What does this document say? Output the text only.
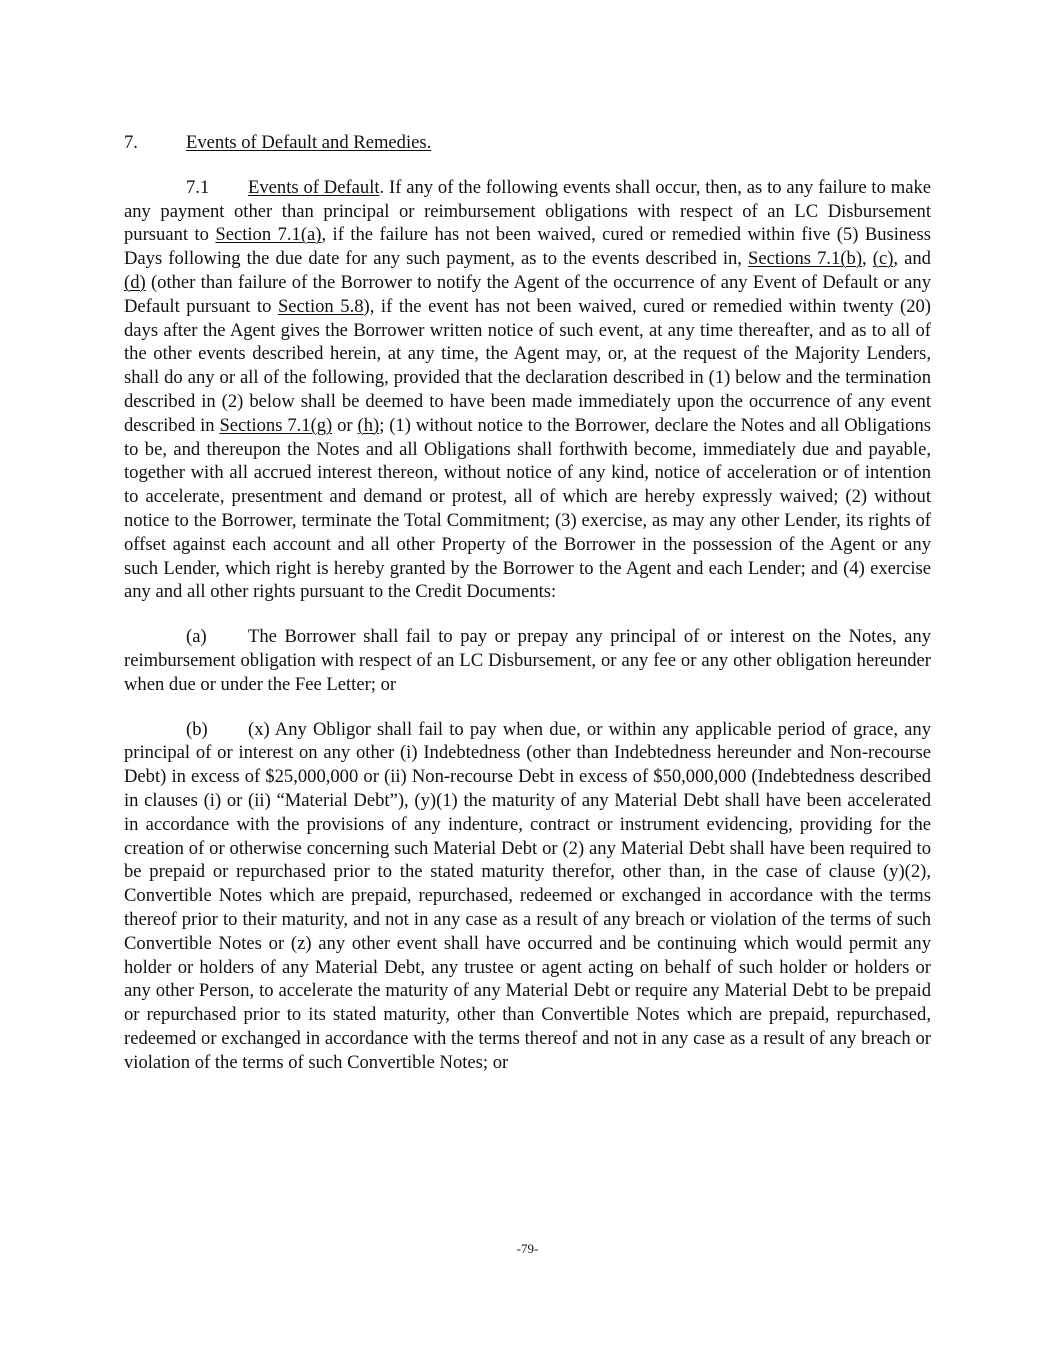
7.	Events of Default and Remedies.

7.1 Events of Default. If any of the following events shall occur, then, as to any failure to make any payment other than principal or reimbursement obligations with respect of an LC Disbursement pursuant to Section 7.1(a), if the failure has not been waived, cured or remedied within five (5) Business Days following the due date for any such payment, as to the events described in, Sections 7.1(b), (c), and (d) (other than failure of the Borrower to notify the Agent of the occurrence of any Event of Default or any Default pursuant to Section 5.8), if the event has not been waived, cured or remedied within twenty (20) days after the Agent gives the Borrower written notice of such event, at any time thereafter, and as to all of the other events described herein, at any time, the Agent may, or, at the request of the Majority Lenders, shall do any or all of the following, provided that the declaration described in (1) below and the termination described in (2) below shall be deemed to have been made immediately upon the occurrence of any event described in Sections 7.1(g) or (h); (1) without notice to the Borrower, declare the Notes and all Obligations to be, and thereupon the Notes and all Obligations shall forthwith become, immediately due and payable, together with all accrued interest thereon, without notice of any kind, notice of acceleration or of intention to accelerate, presentment and demand or protest, all of which are hereby expressly waived; (2) without notice to the Borrower, terminate the Total Commitment; (3) exercise, as may any other Lender, its rights of offset against each account and all other Property of the Borrower in the possession of the Agent or any such Lender, which right is hereby granted by the Borrower to the Agent and each Lender; and (4) exercise any and all other rights pursuant to the Credit Documents:

(a) The Borrower shall fail to pay or prepay any principal of or interest on the Notes, any reimbursement obligation with respect of an LC Disbursement, or any fee or any other obligation hereunder when due or under the Fee Letter; or

(b) (x) Any Obligor shall fail to pay when due, or within any applicable period of grace, any principal of or interest on any other (i) Indebtedness (other than Indebtedness hereunder and Non-recourse Debt) in excess of $25,000,000 or (ii) Non-recourse Debt in excess of $50,000,000 (Indebtedness described in clauses (i) or (ii) “Material Debt”), (y)(1) the maturity of any Material Debt shall have been accelerated in accordance with the provisions of any indenture, contract or instrument evidencing, providing for the creation of or otherwise concerning such Material Debt or (2) any Material Debt shall have been required to be prepaid or repurchased prior to the stated maturity therefor, other than, in the case of clause (y)(2), Convertible Notes which are prepaid, repurchased, redeemed or exchanged in accordance with the terms thereof prior to their maturity, and not in any case as a result of any breach or violation of the terms of such Convertible Notes or (z) any other event shall have occurred and be continuing which would permit any holder or holders of any Material Debt, any trustee or agent acting on behalf of such holder or holders or any other Person, to accelerate the maturity of any Material Debt or require any Material Debt to be prepaid or repurchased prior to its stated maturity, other than Convertible Notes which are prepaid, repurchased, redeemed or exchanged in accordance with the terms thereof and not in any case as a result of any breach or violation of the terms of such Convertible Notes; or

-79-
